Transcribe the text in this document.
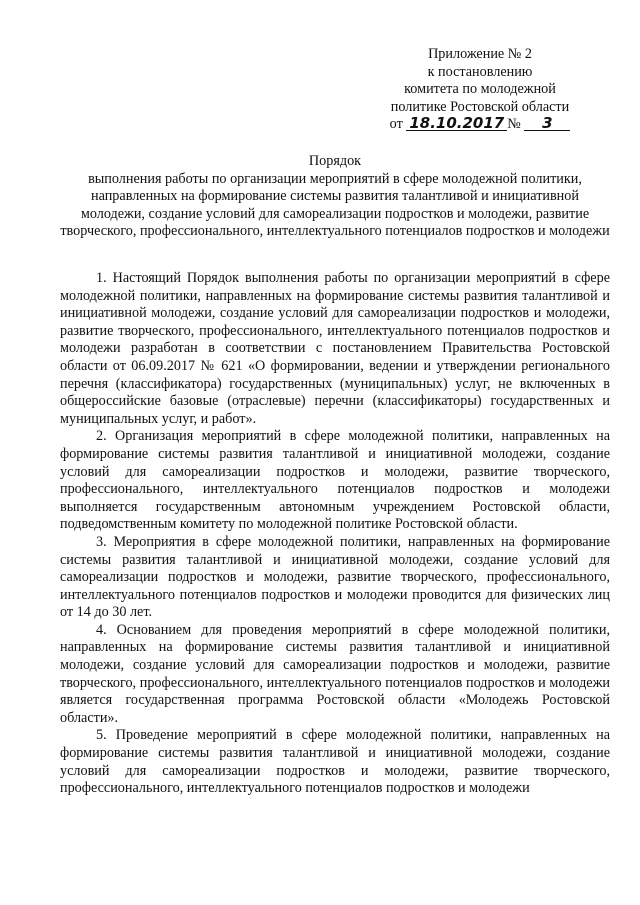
Приложение № 2
к постановлению
комитета по молодежной
политике Ростовской области
от 18.10.2017 № 3
Порядок
выполнения работы по организации мероприятий в сфере молодежной политики, направленных на формирование системы развития талантливой и инициативной молодежи, создание условий для самореализации подростков и молодежи, развитие творческого, профессионального, интеллектуального потенциалов подростков и молодежи

1. Настоящий Порядок выполнения работы по организации мероприятий в сфере молодежной политики, направленных на формирование системы развития талантливой и инициативной молодежи, создание условий для самореализации подростков и молодежи, развитие творческого, профессионального, интеллектуального потенциалов подростков и молодежи разработан в соответствии с постановлением Правительства Ростовской области от 06.09.2017 № 621 «О формировании, ведении и утверждении регионального перечня (классификатора) государственных (муниципальных) услуг, не включенных в общероссийские базовые (отраслевые) перечни (классификаторы) государственных и муниципальных услуг, и работ».

2. Организация мероприятий в сфере молодежной политики, направленных на формирование системы развития талантливой и инициативной молодежи, создание условий для самореализации подростков и молодежи, развитие творческого, профессионального, интеллектуального потенциалов подростков и молодежи выполняется государственным автономным учреждением Ростовской области, подведомственным комитету по молодежной политике Ростовской области.

3. Мероприятия в сфере молодежной политики, направленных на формирование системы развития талантливой и инициативной молодежи, создание условий для самореализации подростков и молодежи, развитие творческого, профессионального, интеллектуального потенциалов подростков и молодежи проводится для физических лиц от 14 до 30 лет.

4. Основанием для проведения мероприятий в сфере молодежной политики, направленных на формирование системы развития талантливой и инициативной молодежи, создание условий для самореализации подростков и молодежи, развитие творческого, профессионального, интеллектуального потенциалов подростков и молодежи является государственная программа Ростовской области «Молодежь Ростовской области».

5. Проведение мероприятий в сфере молодежной политики, направленных на формирование системы развития талантливой и инициативной молодежи, создание условий для самореализации подростков и молодежи, развитие творческого, профессионального, интеллектуального потенциалов подростков и молодежи
